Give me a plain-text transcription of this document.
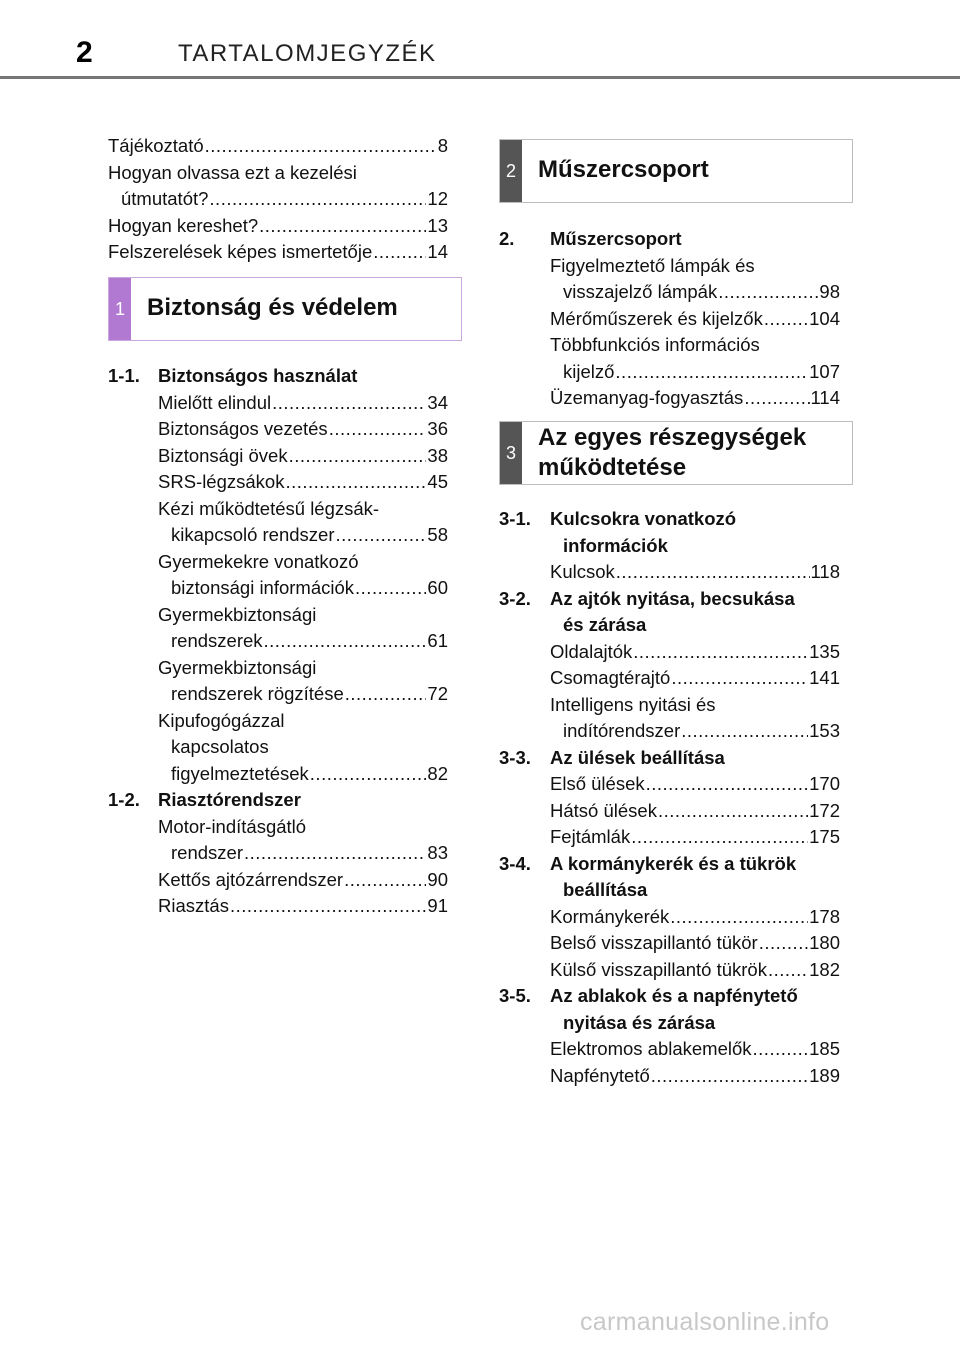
2	TARTALOMJEGYZÉK
Tájékoztató .....	8
Hogyan olvassa ezt a kezelési
útmutatót? .....	12
Hogyan kereshet? .....	13
Felszerelések képes ismertetője .....	14
1 Biztonság és védelem
1-1. Biztonságos használat
Mielőtt elindul .....	34
Biztonságos vezetés .....	36
Biztonsági övek .....	38
SRS-légzsákok .....	45
Kézi működtetésű légzsák-
kikapcsoló rendszer .....	58
Gyermekekre vonatkozó
biztonsági információk .....	60
Gyermekbiztonsági
rendszerek .....	61
Gyermekbiztonsági
rendszerek rögzítése .....	72
Kipufogógázzal
kapcsolatos
figyelmeztetések .....	82
1-2. Riasztórendszer
Motor-indításgátló
rendszer .....	83
Kettős ajtózárrendszer .....	90
Riasztás .....	91
2 Műszercsoport
2.	Műszercsoport
Figyelmeztető lámpák és
visszajelző lámpák .....	98
Mérőműszerek és kijelzők .....	104
Többfunkciós információs
kijelző .....	107
Üzemanyag-fogyasztás .....	114
3
Az egyes részegységek
működtetése
3-1.	Kulcsokra vonatkozó
információk
Kulcsok .....	118
3-2.	Az ajtók nyitása, becsukása
és zárása
Oldalajtók .....	135
Csomagtérajtó .....	141
Intelligens nyitási és
indítórendszer .....	153
3-3.	Az ülések beállítása
Első ülések .....	170
Hátsó ülések .....	172
Fejtámlák .....	175
3-4.	A kormánykerék és a tükrök
beállítása
Kormánykerék .....	178
Belső visszapillantó tükör .....	180
Külső visszapillantó tükrök ..... 182
3-5.	Az ablakok és a napfénytető
nyitása és zárása
Elektromos ablakemelők .....	185
Napfénytető .....	189
carmanualsonline.info
